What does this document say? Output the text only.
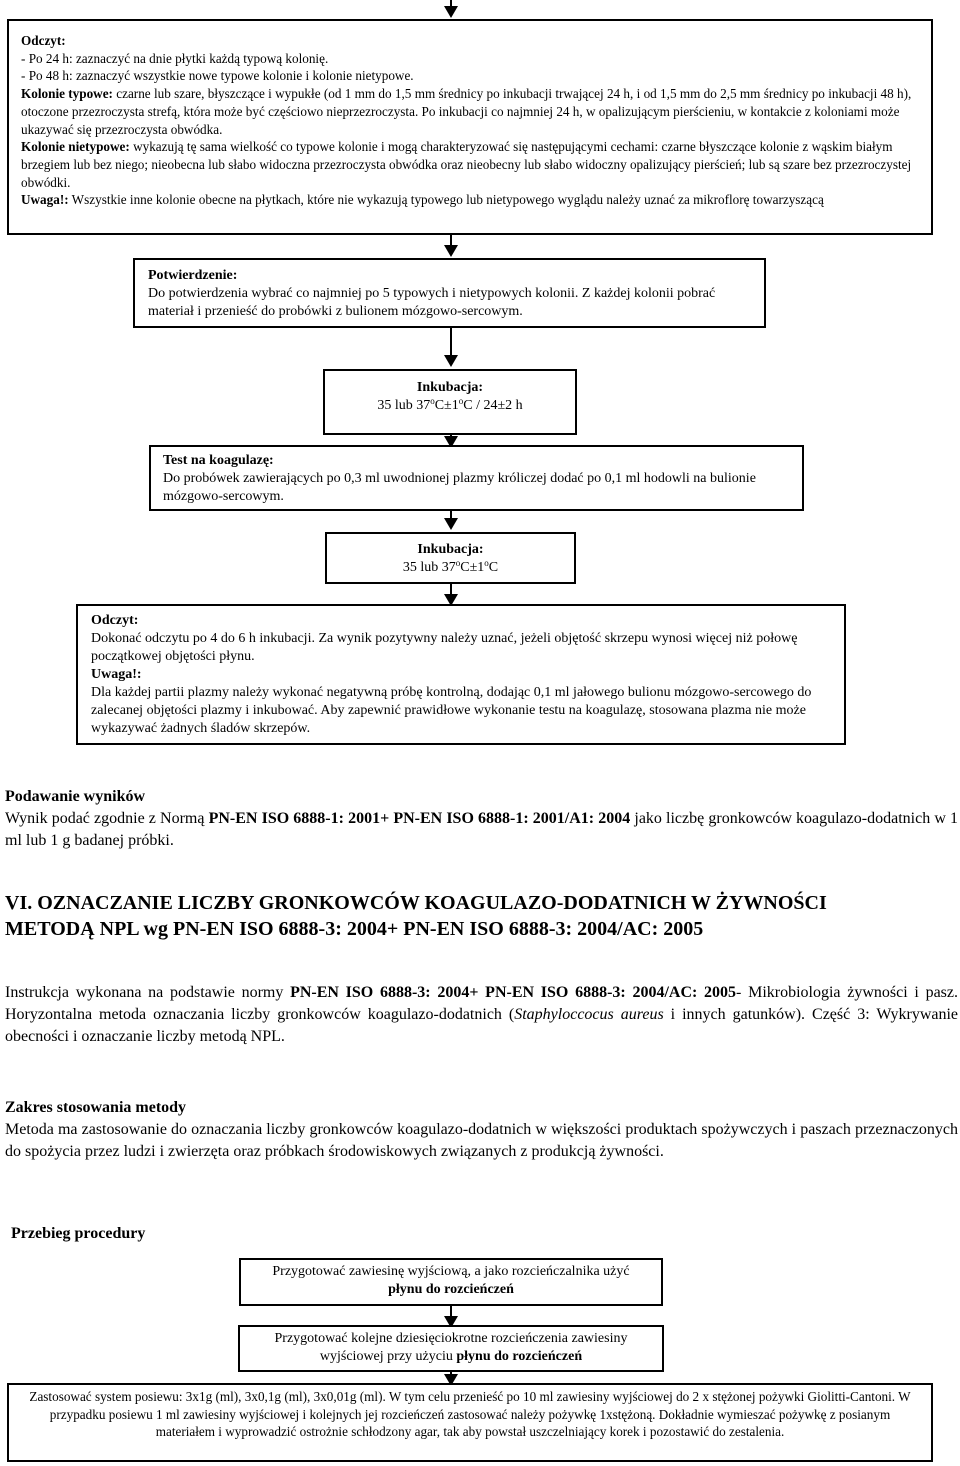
Odczyt:

- Po 24 h: zaznaczyć na dnie płytki każdą typową kolonię.

- Po 48 h: zaznaczyć wszystkie nowe typowe kolonie i kolonie nietypowe.

Kolonie typowe: czarne lub szare, błyszczące i wypukłe (od 1 mm do 1,5 mm średnicy po inkubacji trwającej 24 h, i od 1,5 mm do 2,5 mm średnicy po inkubacji 48 h), otoczone przezroczysta strefą, która może być częściowo nieprzezroczysta. Po inkubacji co najmniej 24 h, w opalizującym pierścieniu, w kontakcie z koloniami może ukazywać się przezroczysta obwódka.

Kolonie nietypowe: wykazują tę sama wielkość co typowe kolonie i mogą charakteryzować się następującymi cechami: czarne błyszczące kolonie z wąskim białym brzegiem lub bez niego; nieobecna lub słabo widoczna przezroczysta obwódka oraz nieobecny lub słabo widoczny opalizujący pierścień; lub są szare bez przezroczystej obwódki.

Uwaga!: Wszystkie inne kolonie obecne na płytkach, które nie wykazują typowego lub nietypowego wyglądu należy uznać za mikroflorę towarzyszącą

Potwierdzenie:

Do potwierdzenia wybrać co najmniej po 5 typowych i nietypowych kolonii. Z każdej kolonii pobrać materiał i przenieść do probówki z bulionem mózgowo-sercowym.

Inkubacja:

35 lub $37^oC\pm 1^oC / 24\pm 2$ h

Test na koagulazę:

Do probówek zawierających po 0,3 ml uwodnionej plazmy króliczej dodać po 0,1 ml hodowli na bulionie mózgowo-sercowym.

Inkubacja:

35 lub $37^oC\pm 1^oC$

Odczyt:

Dokonać odczytu po 4 do 6 h inkubacji. Za wynik pozytywny należy uznać, jeżeli objętość skrzepu wynosi więcej niż połowę początkowej objętości płynu.

Uwaga!:

Dla każdej partii plazmy należy wykonać negatywną próbę kontrolną, dodając 0,1 ml jałowego bulionu mózgowo-sercowego do zalecanej objętości plazmy i inkubować. Aby zapewnić prawidłowe wykonanie testu na koagulazę, stosowana plazma nie może wykazywać żadnych śladów skrzepów.

Podawanie wyników

Wynik podać zgodnie z Normą PN-EN ISO 6888-1: 2001+ PN-EN ISO 6888-1: 2001/A1: 2004 jako liczbę gronkowców koagulazo-dodatnich w 1 ml lub 1 g badanej próbki.

VI. OZNACZANIE LICZBY GRONKOWCÓW KOAGULAZO-DODATNICH W ŻYWNOŚCI

METODĄ NPL wg PN-EN ISO 6888-3: 2004+ PN-EN ISO 6888-3: 2004/AC: 2005

Instrukcja wykonana na podstawie normy PN-EN ISO 6888-3: 2004+ PN-EN ISO 6888-3: 2004/AC: 2005- Mikrobiologia żywności i pasz. Horyzontalna metoda oznaczania liczby gronkowców koagulazo-dodatnich (Staphyloccocus aureus i innych gatunków). Część 3: Wykrywanie obecności i oznaczanie liczby metodą NPL.

Zakres stosowania metody

Metoda ma zastosowanie do oznaczania liczby gronkowców koagulazo-dodatnich w większości produktach spożywczych i paszach przeznaczonych do spożycia przez ludzi i zwierzęta oraz próbkach środowiskowych związanych z produkcją żywności.

Przebieg procedury

Przygotować zawiesinę wyjściową, a jako rozcieńczalnika użyć

płynu do rozcieńczeń

Przygotować kolejne dziesięciokrotne rozcieńczenia zawiesiny wyjściowej przy użyciu płynu do rozcieńczeń

Zastosować system posiewu: 3x1g (ml), 3x0,1g (ml), 3x0,01g (ml). W tym celu przenieść po 10 ml zawiesiny wyjściowej do 2 x stężonej pożywki Giolitti-Cantoni. W przypadku posiewu 1 ml zawiesiny wyjściowej i kolejnych jej rozcieńczeń zastosować należy pożywkę 1xstężoną. Dokładnie wymieszać pożywkę z posianym materiałem i wyprowadzić ostrożnie schłodzony agar, tak aby powstał uszczelniający korek i pozostawić do zestalenia.
